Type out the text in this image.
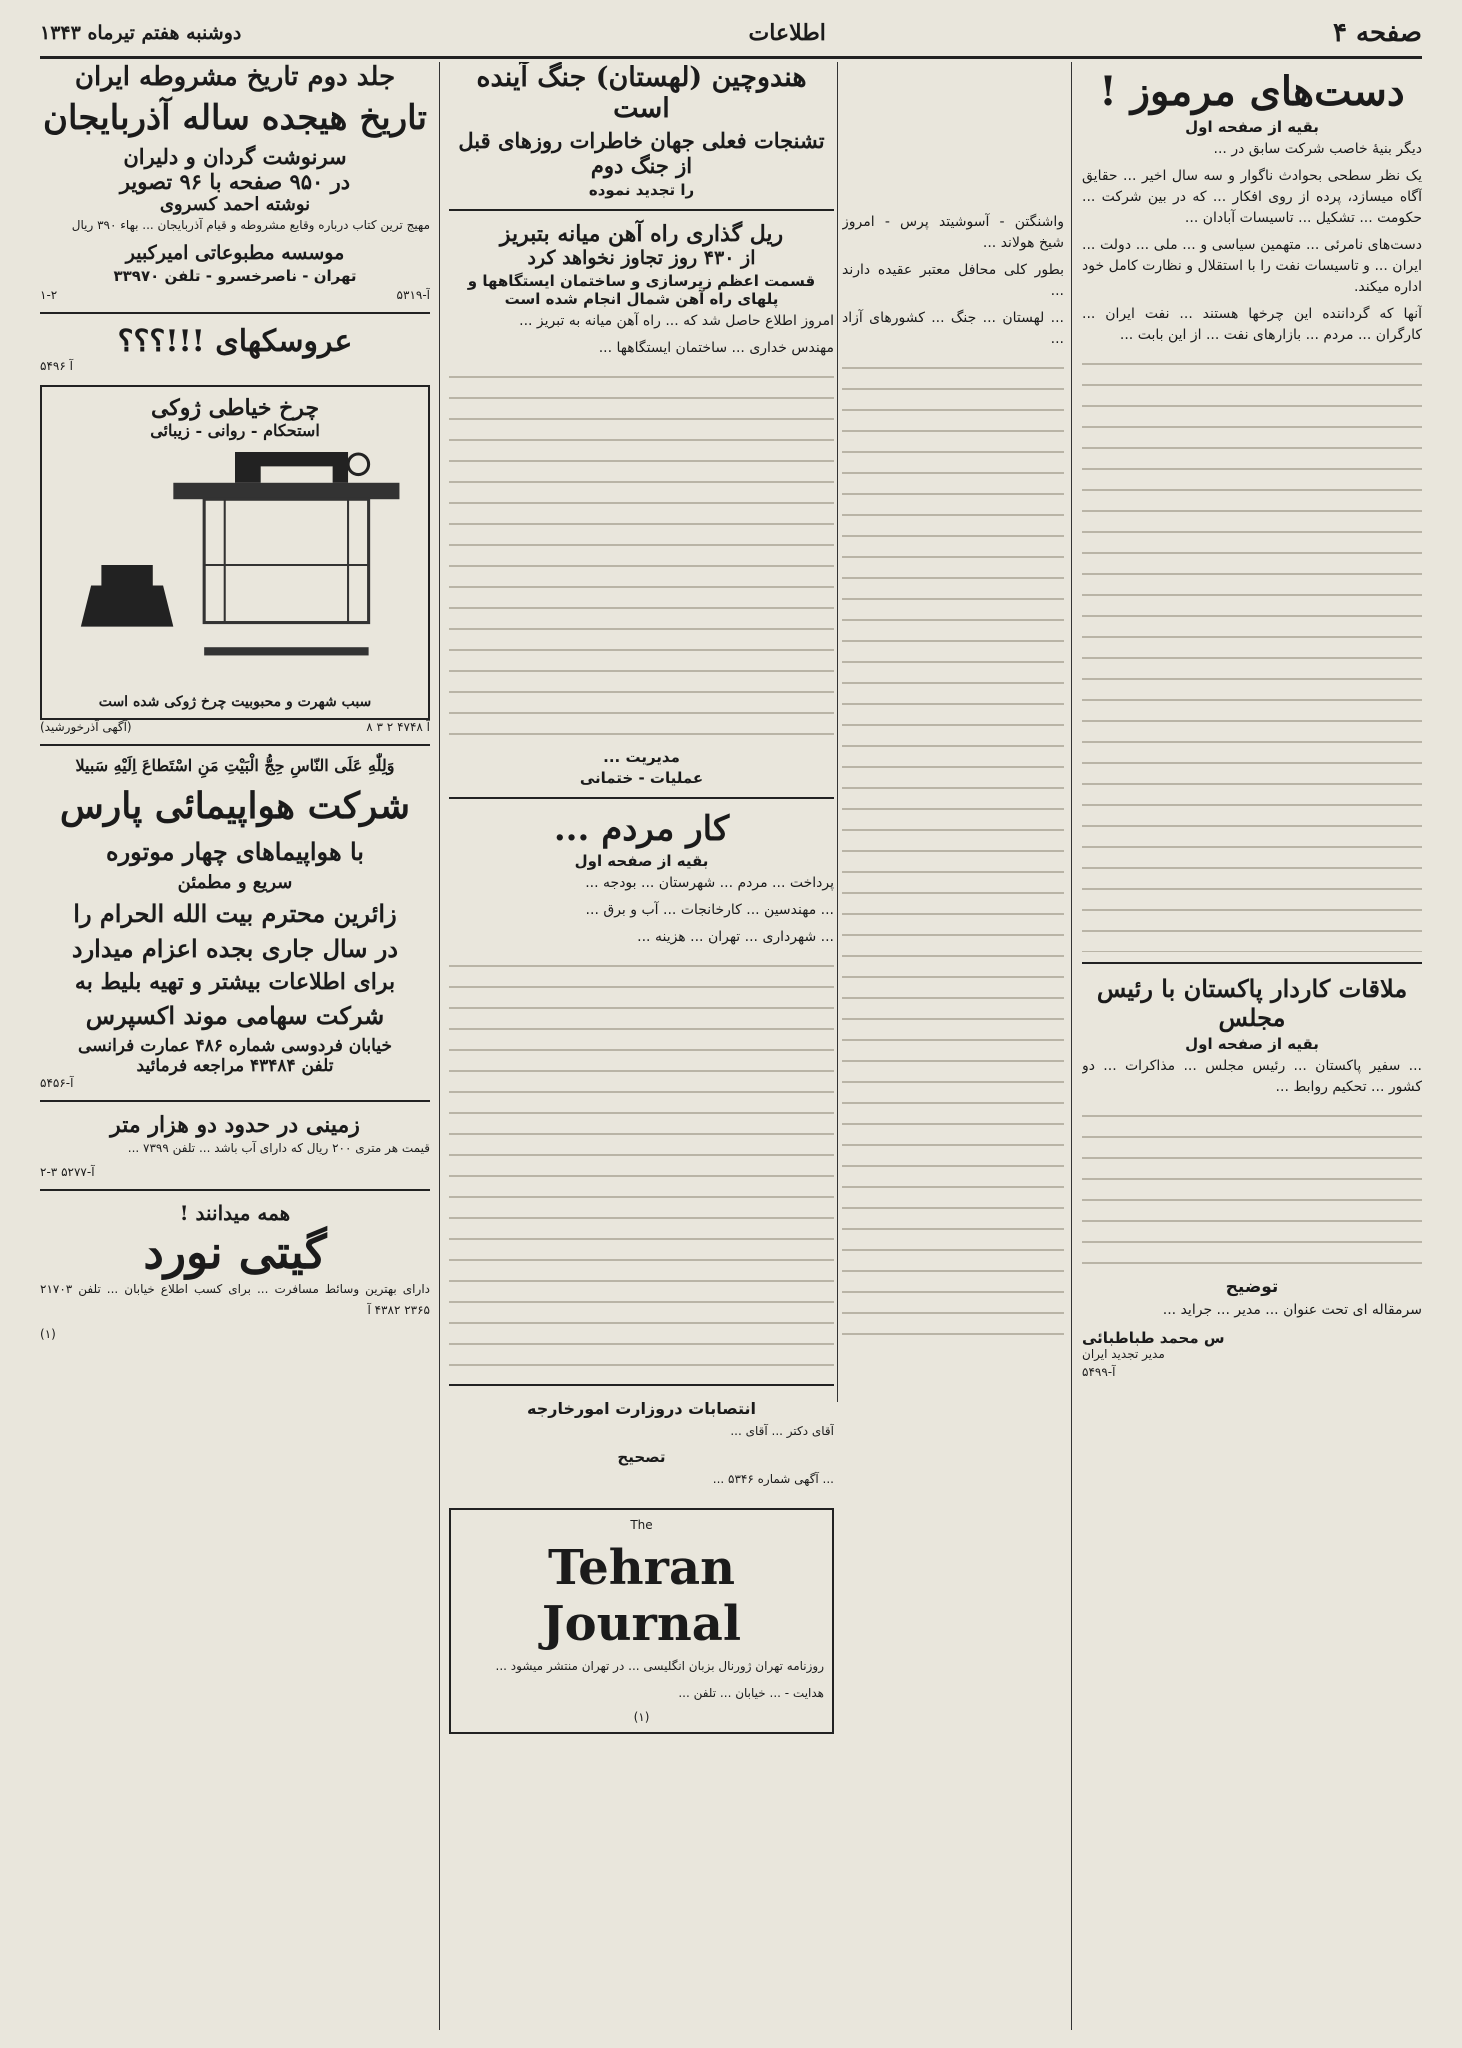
صفحه ۴
اطلاعات
دوشنبه هفتم تیرماه ۱۳۴۳
دست‌های مرموز !
بقیه از صفحه اول

دیگر بنیهٔ خاصب شرکت سابق در ...

یک نظر سطحی بحوادث ناگوار و سه سال اخیر ... حقایق آگاه میسازد، پرده از روی افکار ... که در بین شرکت ... حکومت ... تشکیل ... تاسیسات آبادان ...

دست‌های نامرئی ... متهمین سیاسی و ... ملی ... دولت ... ایران ... و تاسیسات نفت را با استقلال و نظارت کامل خود اداره میکند.

آنها که گرداننده این چرخها هستند ... نفت ایران ... کارگران ... مردم ... بازارهای نفت ... از این بابت ...

ملاقات کاردار پاکستان با رئیس مجلس
بقیه از صفحه اول

... سفیر پاکستان ... رئیس مجلس ... مذاکرات ... دو کشور ... تحکیم روابط ...

توضیح

سرمقاله ای تحت عنوان ... مدیر ... جراید ...

س محمد طباطبائی
مدیر تجدید ایران
آ-۵۴۹۹

واشنگتن - آسوشیتد پرس - امروز شیخ هولاند ...

بطور کلی محافل معتبر عقیده دارند ...

... لهستان ... جنگ ... کشورهای آزاد ...

هندوچین (لهستان) جنگ آینده است
تشنجات فعلی جهان خاطرات روزهای قبل از جنگ دوم
را تجدید نموده
ریل گذاری راه آهن میانه بتبریز
از ۴۳۰ روز تجاوز نخواهد کرد
قسمت اعظم زیرسازی و ساختمان ایستگاهها و پلهای راه آهن شمال انجام شده است

امروز اطلاع حاصل شد که ... راه آهن میانه به تبریز ...

مهندس خداری ... ساختمان ایستگاهها ...

مدیریت ...
عملیات - ختمانی
کار مردم ...
بقیه از صفحه اول

پرداخت ... مردم ... شهرستان ... بودجه ...

... مهندسین ... کارخانجات ... آب و برق ...

... شهرداری ... تهران ... هزینه ...

انتصابات دروزارت امورخارجه

آقای دکتر ... آقای ...

تصحیح

... آگهی شماره ۵۳۴۶ ...

The
Tehran Journal

روزنامه تهران ژورنال بزبان انگلیسی ... در تهران منتشر میشود ...

هدایت - ... خیابان ... تلفن ...

(۱)
جلد دوم تاریخ مشروطه ایران
تاریخ هیجده ساله آذربایجان
سرنوشت گردان و دلیران
در ۹۵۰ صفحه با ۹۶ تصویر
نوشته احمد کسروی

مهیج ترین کتاب درباره وقایع مشروطه و قیام آذربایجان ... بهاء ۳۹۰ ریال

موسسه مطبوعاتی امیرکبیر
تهران - ناصرخسرو - تلفن ۳۳۹۷۰
آ-۵۳۱۹
۱-۲
عروسکهای !!!؟؟؟
آ ۵۴۹۶
چرخ خیاطی ژوکی
استحکام - روانی - زیبائی
سبب شهرت و محبوبیت چرخ ژوکی شده است
آ ۴۷۴۸ ۲ ۳ ۸
(آگهی آذرخورشید)
وَلِلّٰهِ عَلَی النّاسِ حِجُّ الْبَیْتِ مَنِ اسْتَطاعَ اِلَیْهِ سَبیلا
شرکت هواپیمائی پارس
با هواپیماهای چهار موتوره
سریع و مطمئن
زائرین محترم بیت الله الحرام را
در سال جاری بجده اعزام میدارد
برای اطلاعات بیشتر و تهیه بلیط به
شرکت سهامی موند اکسپرس
خیابان فردوسی شماره ۴۸۶ عمارت فرانسی
تلفن ۴۳۴۸۴ مراجعه فرمائید
آ-۵۴۵۶
زمینی در حدود دو هزار متر

قیمت هر متری ۲۰۰ ریال که دارای آب باشد ... تلفن ۷۳۹۹ ...

آ-۵۲۷۷ ۳-۲
همه میدانند !
گیتی نورد

دارای بهترین وسائط مسافرت ... برای کسب اطلاع خیابان ... تلفن ۲۱۷۰۳ ۲۳۶۵ ۴۳۸۲ آ

(۱)
